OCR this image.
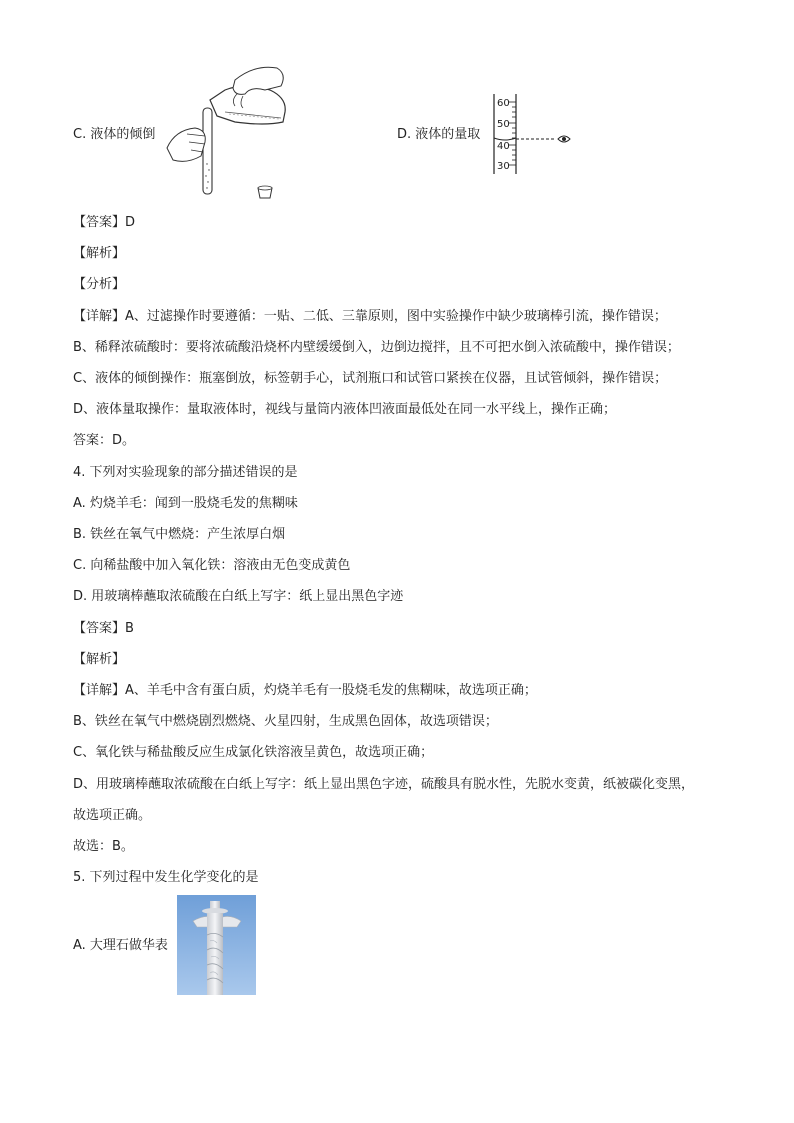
C. 液体的倾倒	D. 液体的量取
60
50
40
30
【答案】D
【解析】
【分析】
【详解】A、过滤操作时要遵循：一贴、二低、三靠原则，图中实验操作中缺少玻璃棒引流，操作错误；
B、稀释浓硫酸时：要将浓硫酸沿烧杯内壁缓缓倒入，边倒边搅拌，且不可把水倒入浓硫酸中，操作错误；
C、液体的倾倒操作：瓶塞倒放，标签朝手心，试剂瓶口和试管口紧挨在仪器，且试管倾斜，操作错误；
D、液体量取操作：量取液体时，视线与量筒内液体凹液面最低处在同一水平线上，操作正确；
答案：D。
4. 下列对实验现象的部分描述错误的是
A. 灼烧羊毛：闻到一股烧毛发的焦糊味
B. 铁丝在氧气中燃烧：产生浓厚白烟
C. 向稀盐酸中加入氧化铁：溶液由无色变成黄色
D. 用玻璃棒蘸取浓硫酸在白纸上写字：纸上显出黑色字迹
【答案】B
【解析】
【详解】A、羊毛中含有蛋白质，灼烧羊毛有一股烧毛发的焦糊味，故选项正确；
B、铁丝在氧气中燃烧剧烈燃烧、火星四射，生成黑色固体，故选项错误；
C、氧化铁与稀盐酸反应生成氯化铁溶液呈黄色，故选项正确；
D、用玻璃棒蘸取浓硫酸在白纸上写字：纸上显出黑色字迹，硫酸具有脱水性，先脱水变黄，纸被碳化变黑，
故选项正确。
故选：B。
5. 下列过程中发生化学变化的是
A. 大理石做华表
